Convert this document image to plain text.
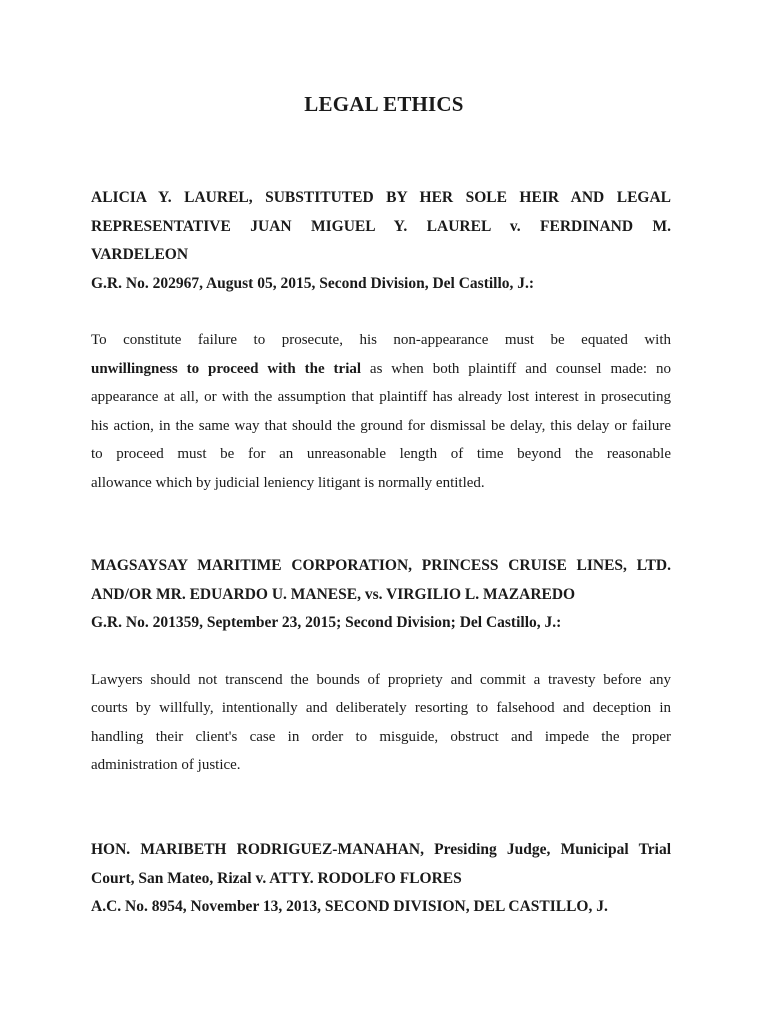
LEGAL ETHICS

ALICIA Y. LAUREL, SUBSTITUTED BY HER SOLE HEIR AND LEGAL
REPRESENTATIVE JUAN MIGUEL Y. LAUREL v. FERDINAND M.
VARDELEON

G.R. No. 202967, August 05, 2015, Second Division, Del Castillo, J.:

To constitute failure to prosecute, his non-appearance must be equated with
unwillingness to proceed with the trial as when both plaintiff and counsel made: no
appearance at all, or with the assumption that plaintiff has already lost interest in prosecuting
his action, in the same way that should the ground for dismissal be delay, this delay or failure
to proceed must be for an unreasonable length of time beyond the reasonable
allowance which by judicial leniency litigant is normally entitled.

MAGSAYSAY MARITIME CORPORATION, PRINCESS CRUISE LINES, LTD.
AND/OR MR. EDUARDO U. MANESE, vs. VIRGILIO L. MAZAREDO

G.R. No. 201359, September 23, 2015; Second Division; Del Castillo, J.:

Lawyers should not transcend the bounds of propriety and commit a travesty before any
courts by willfully, intentionally and deliberately resorting to falsehood and deception in
handling their client's case in order to misguide, obstruct and impede the proper
administration of justice.

HON. MARIBETH RODRIGUEZ-MANAHAN, Presiding Judge, Municipal Trial
Court, San Mateo, Rizal v. ATTY. RODOLFO FLORES

A.C. No. 8954, November 13, 2013, SECOND DIVISION, DEL CASTILLO, J.
